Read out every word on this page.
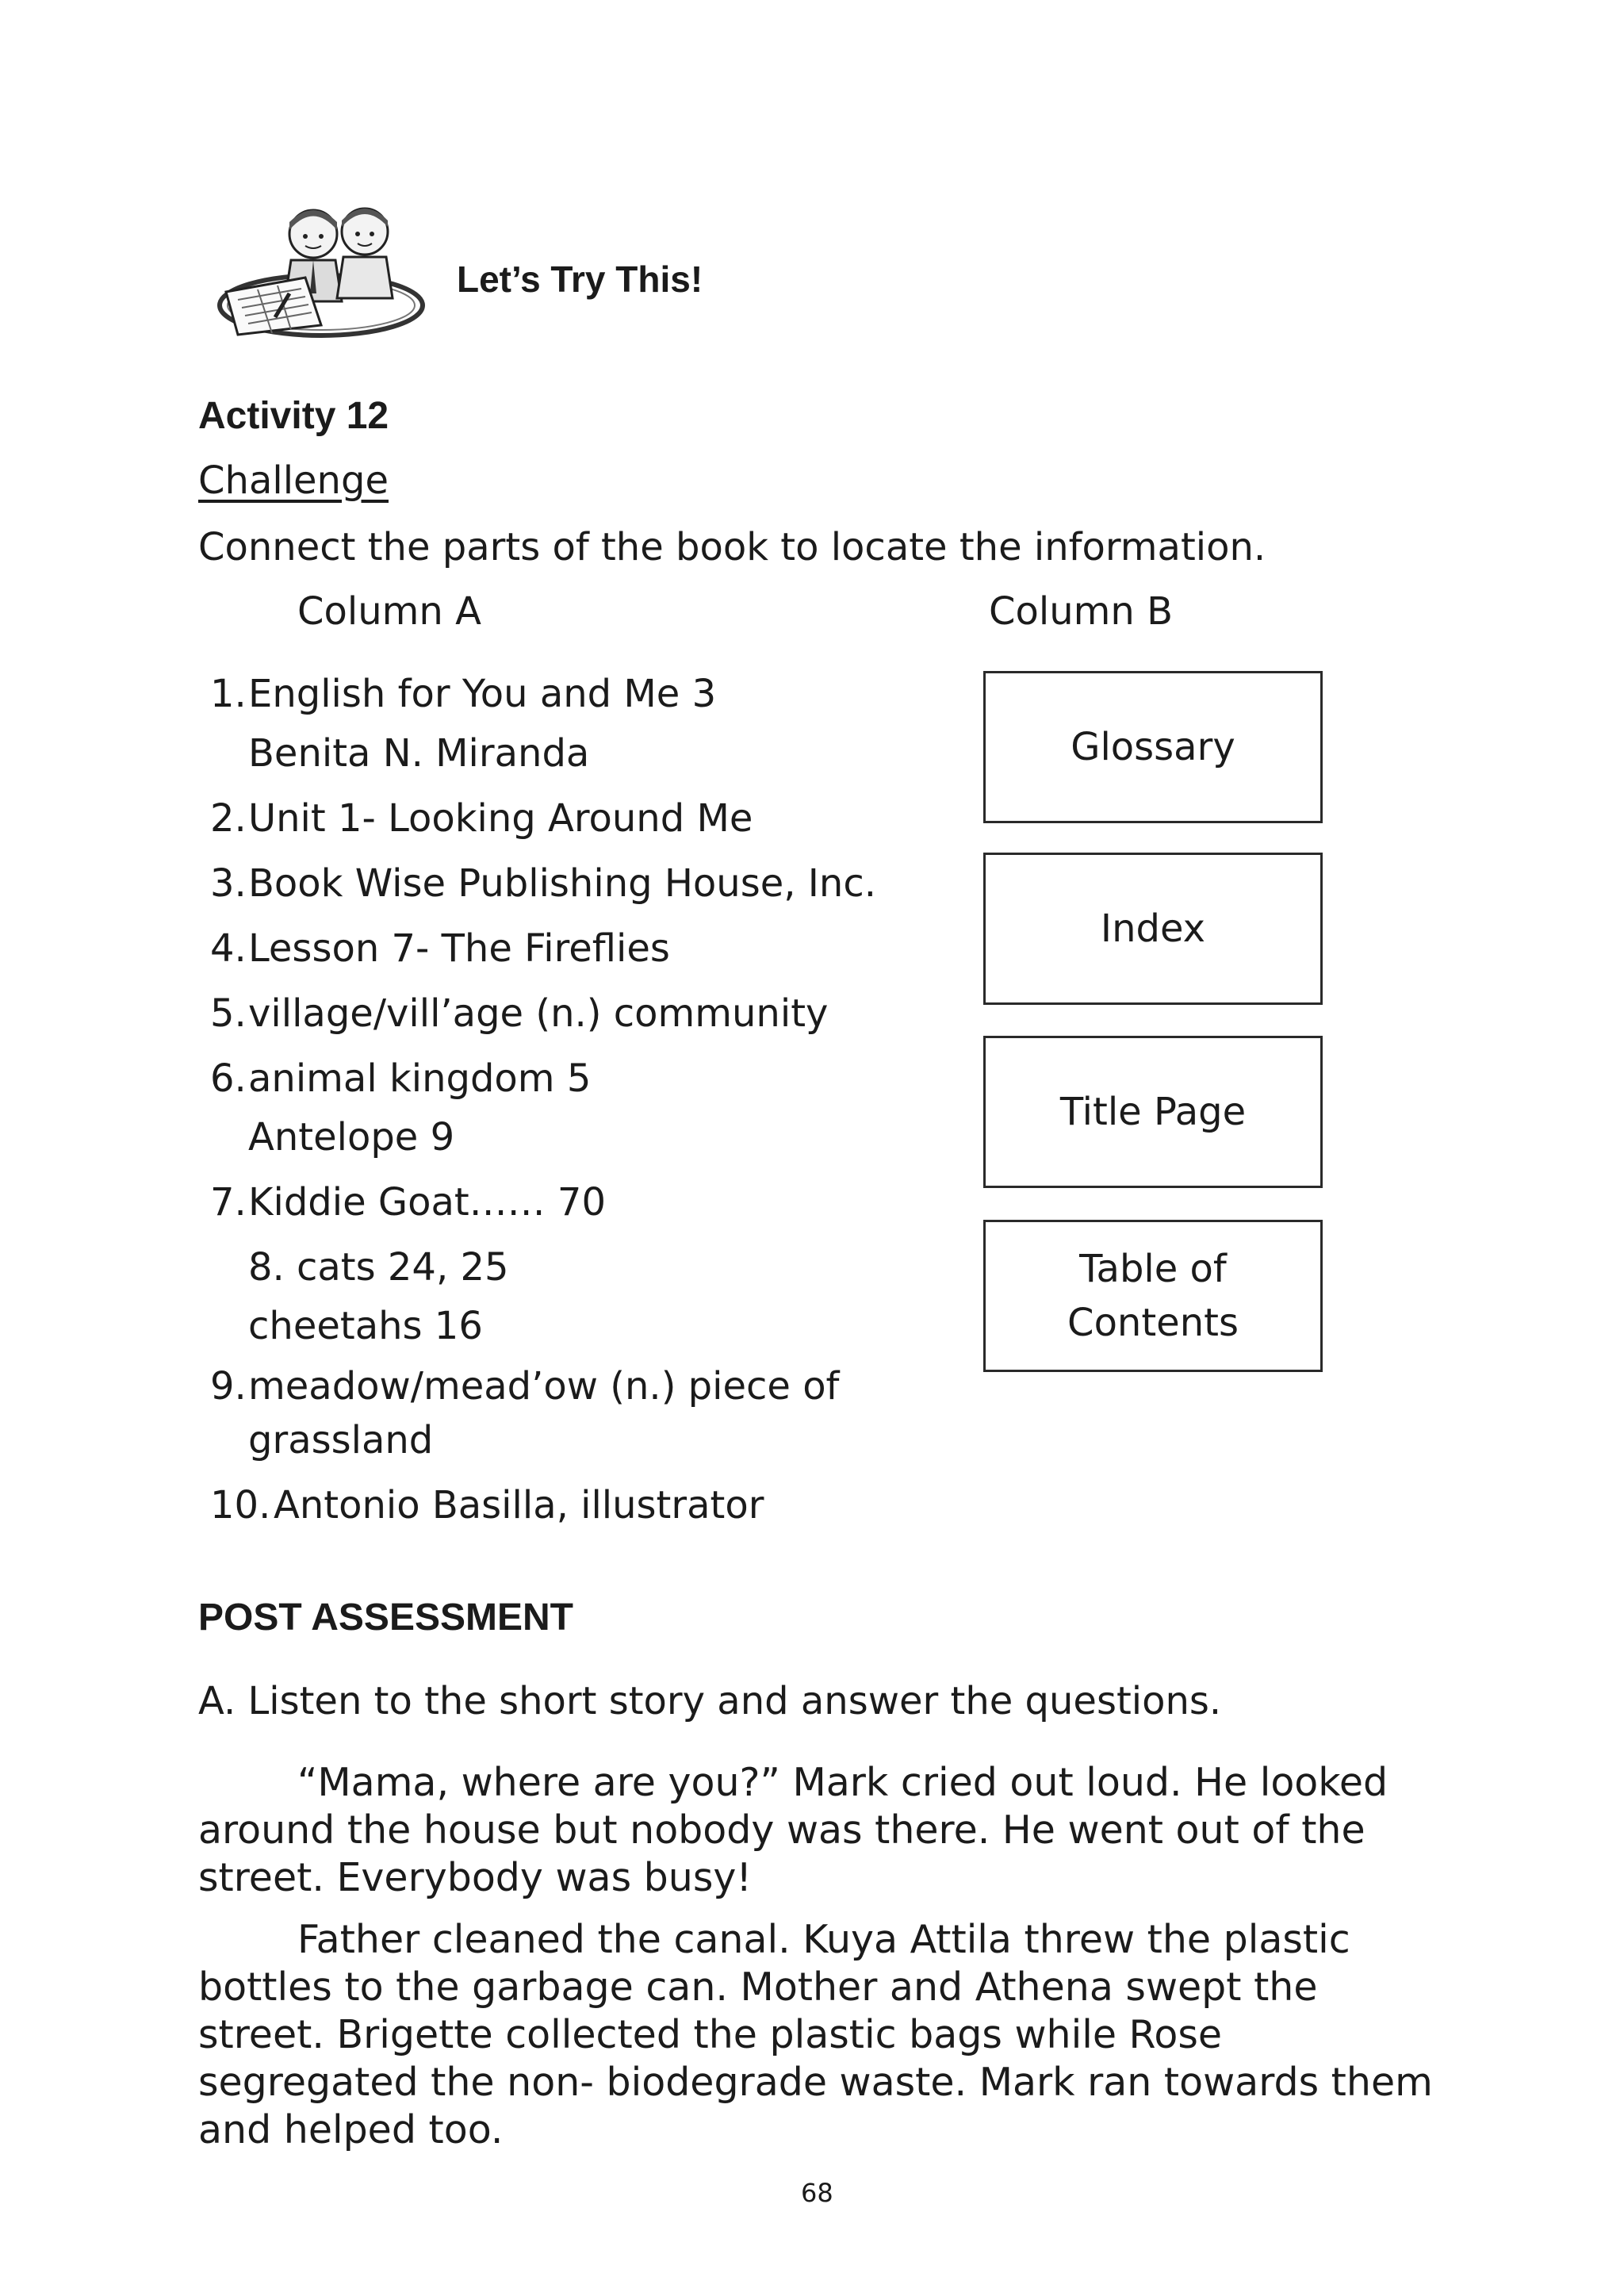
Let’s Try This!
Activity 12
Challenge
Connect the parts of the book to locate the information.
Column A	Column B
1. English for You and Me 3
Benita N. Miranda
2. Unit 1- Looking Around Me
3. Book Wise Publishing House, Inc.
4. Lesson 7- The Fireflies
5. village/vill’age (n.) community
6. animal kingdom 5
Antelope 9
7. Kiddie Goat…… 70
8. cats 24, 25
cheetahs 16
9. meadow/mead’ow (n.) piece of
grassland
10. Antonio Basilla, illustrator
Glossary
Index
Title Page
Table of Contents
POST ASSESSMENT
A. Listen to the short story and answer the questions.
“Mama, where are you?” Mark cried out loud. He looked around the house but nobody was there. He went out of the street. Everybody was busy!
Father cleaned the canal. Kuya Attila threw the plastic bottles to the garbage can. Mother and Athena swept the street. Brigette collected the plastic bags while Rose segregated the non- biodegrade waste. Mark ran towards them and helped too.
68
